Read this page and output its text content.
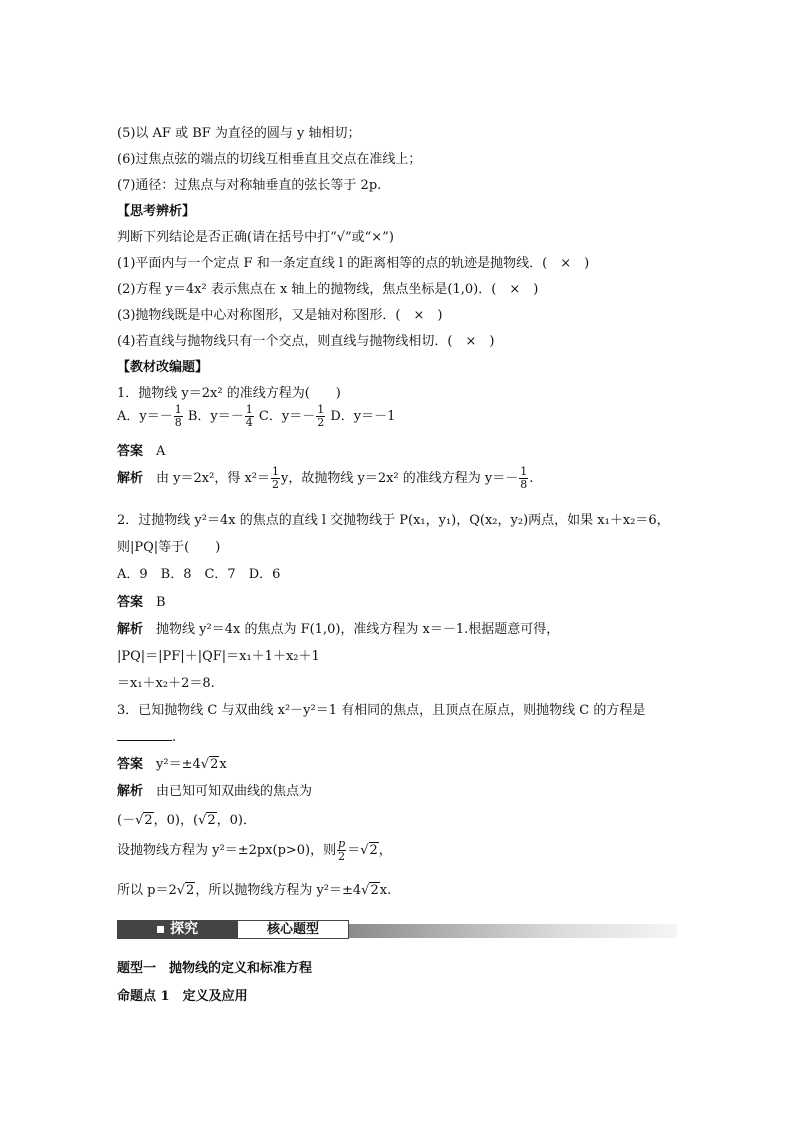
(5)以 AF 或 BF 为直径的圆与 y 轴相切；
(6)过焦点弦的端点的切线互相垂直且交点在准线上；
(7)通径：过焦点与对称轴垂直的弦长等于 2p.
【思考辨析】
判断下列结论是否正确(请在括号中打“√”或“×”)
(1)平面内与一个定点 F 和一条定直线 l 的距离相等的点的轨迹是抛物线．(　×　)
(2)方程 y＝4x² 表示焦点在 x 轴上的抛物线，焦点坐标是(1,0)．(　×　)
(3)抛物线既是中心对称图形，又是轴对称图形．(　×　)
(4)若直线与抛物线只有一个交点，则直线与抛物线相切．(　×　)
【教材改编题】
1．抛物线 y＝2x² 的准线方程为(　　)
A．$y=- \frac{1}{8}$ B．$y=- \frac{1}{4}$ C．$y=- \frac{1}{2}$ D．y＝－1
答案　 A
解析　 由 y＝2x²，得 $x^2= \frac{1}{2}$ y，故抛物线 y＝2x² 的准线方程为 $y=- \frac{1}{8}$ .
2．过抛物线 y²＝4x 的焦点的直线 l 交抛物线于 P(x₁，y₁)，Q(x₂，y₂)两点，如果 x₁＋x₂＝6，
则|PQ|等于(　　)
A．9　B．8　C．7　D．6
答案　 B
解析　 抛物线 y²＝4x 的焦点为 F(1,0)，准线方程为 x＝－1.根据题意可得，
|PQ|＝|PF|＋|QF|＝x₁＋1＋x₂＋1
＝x₁＋x₂＋2＝8.
3．已知抛物线 C 与双曲线 x²－y²＝1 有相同的焦点，且顶点在原点，则抛物线 C 的方程是
.
答案　 y²＝±4√2x
解析　 由已知可知双曲线的焦点为
(－√2，0)，(√2，0)．
设抛物线方程为 y²＝±2px(p>0)，则 $\frac{p}{2} =√2$，
所以 p＝2√2，所以抛物线方程为 y²＝±4√2x.
▪ 探究	核心题型
题型一　抛物线的定义和标准方程
命题点 1　定义及应用
